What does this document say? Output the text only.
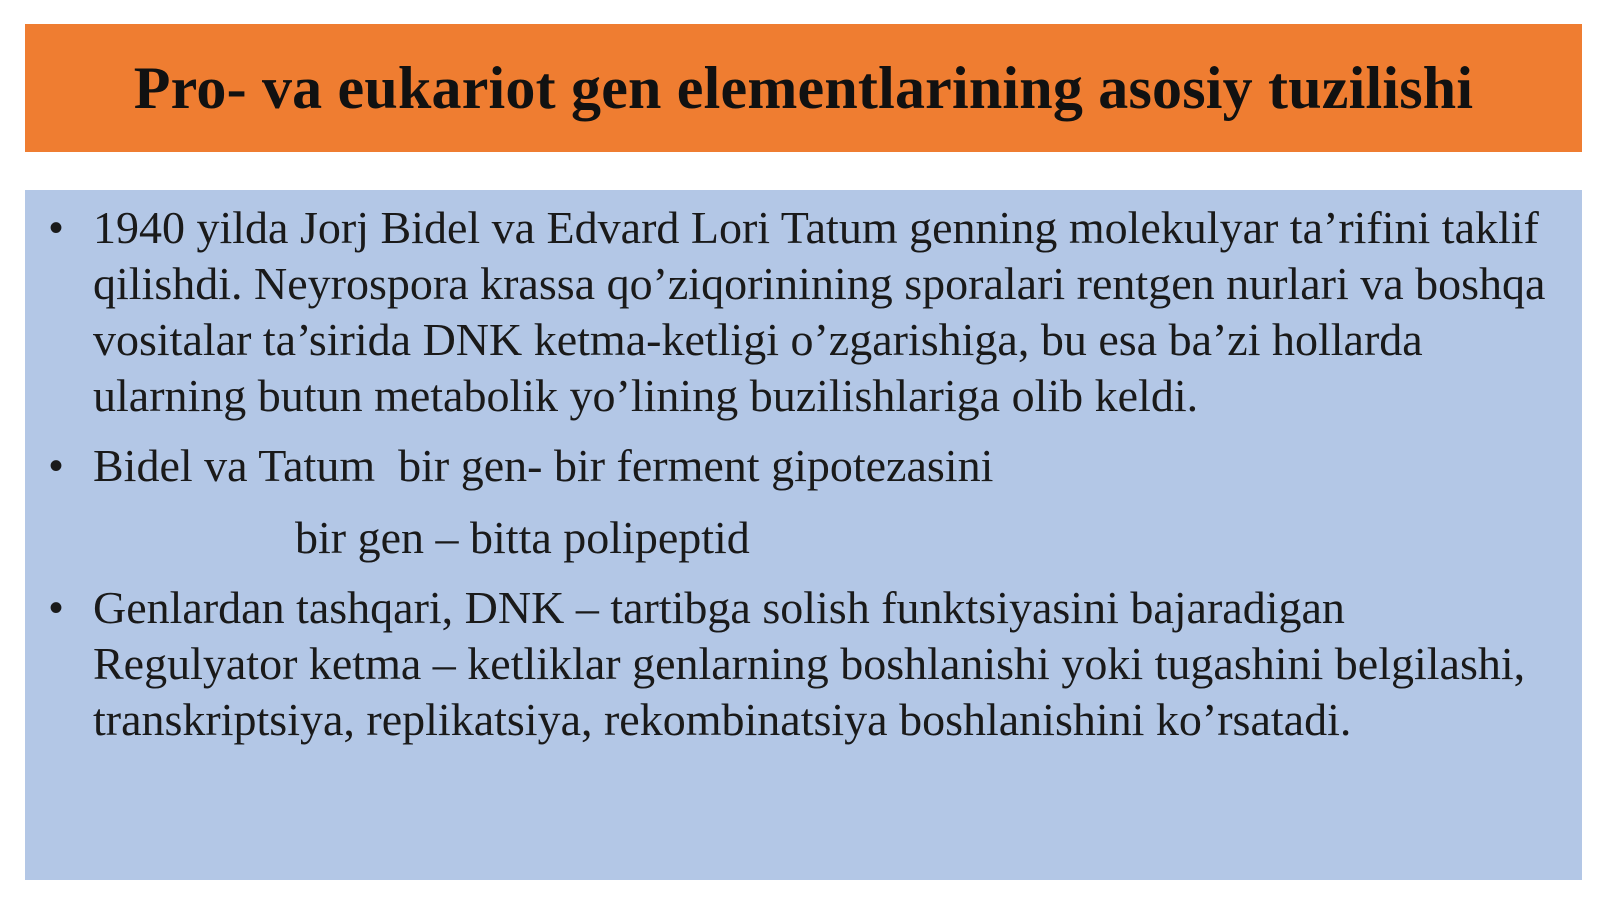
Pro- va eukariot gen elementlarining asosiy tuzilishi
• 1940 yilda Jorj Bidel va Edvard Lori Tatum genning molekulyar ta’rifini taklif qilishdi. Neyrospora krassa qo’ziqorinining sporalari rentgen nurlari va boshqa vositalar ta’sirida DNK ketma-ketligi o’zgarishiga, bu esa ba’zi hollarda ularning butun metabolik yo’lining buzilishlariga olib keldi.
• Bidel va Tatum  bir gen- bir ferment gipotezasini
bir gen – bitta polipeptid
• Genlardan tashqari, DNK – tartibga solish funktsiyasini bajaradigan Regulyator ketma – ketliklar genlarning boshlanishi yoki tugashini belgilashi, transkriptsiya, replikatsiya, rekombinatsiya boshlanishini ko’rsatadi.
